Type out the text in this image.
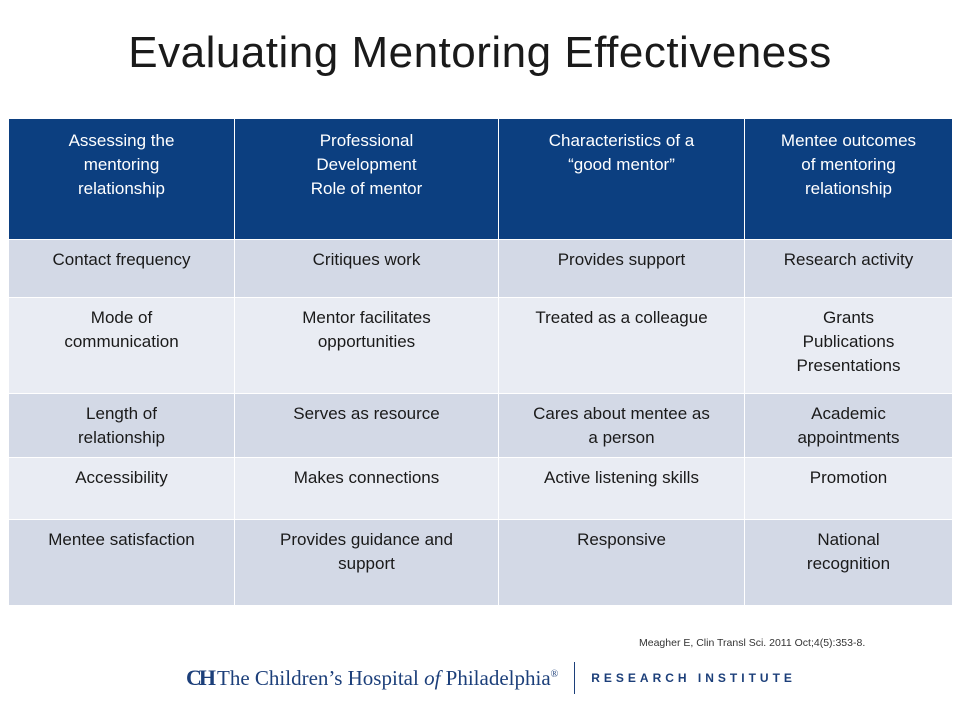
Evaluating Mentoring Effectiveness
Assessing the
mentoring
relationship	Professional
Development
Role of mentor	Characteristics of a
“good mentor”	Mentee outcomes
of mentoring
relationship

Contact frequency	Critiques work	Provides support	Research activity

Mode of
communication	Mentor facilitates
opportunities	Treated as a colleague	Grants
Publications
Presentations

Length of
relationship	Serves as resource	Cares about mentee as
a person	Academic
appointments

Accessibility	Makes connections	Active listening skills	Promotion

Mentee satisfaction	Provides guidance and
support	Responsive	National
recognition
Meagher E, Clin Transl Sci. 2011 Oct;4(5):353-8.
CH The Children’s Hospital of Philadelphia®	RESEARCH INSTITUTE
